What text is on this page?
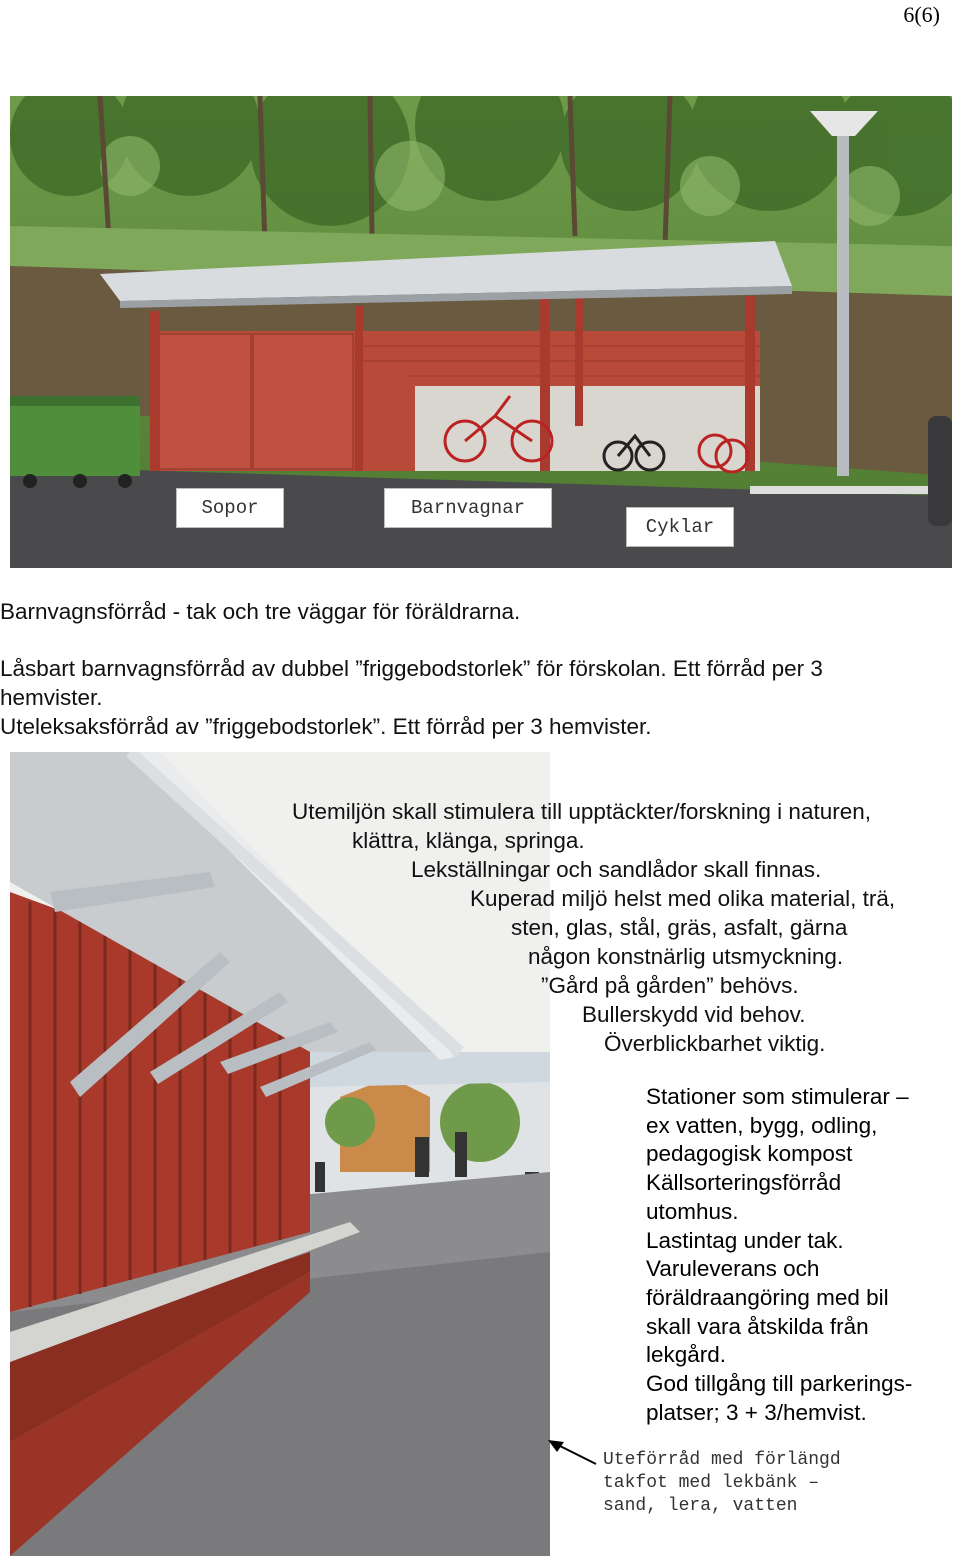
6(6)
Sopor	Barnvagnar
Cyklar
Barnvagnsförråd - tak och tre väggar för föräldrarna.
Låsbart barnvagnsförråd av dubbel ”friggebodstorlek” för förskolan. Ett förråd per 3
hemvister.
Uteleksaksförråd av ”friggebodstorlek”. Ett förråd per 3 hemvister.
Utemiljön skall stimulera till upptäckter/forskning i naturen,
klättra, klänga, springa.
Lekställningar och sandlådor skall finnas.
Kuperad miljö helst med olika material, trä,
sten, glas, stål, gräs, asfalt, gärna
någon konstnärlig utsmyckning.
”Gård på gården” behövs.
Bullerskydd vid behov.
Överblickbarhet viktig.
Stationer som stimulerar –
ex vatten, bygg, odling,
pedagogisk kompost
Källsorteringsförråd
utomhus.
Lastintag under tak.
Varuleverans och
föräldraangöring med bil
skall vara åtskilda från
lekgård.
God tillgång till parkerings-
platser; 3 + 3/hemvist.
Uteförråd med förlängd
takfot med lekbänk –
sand, lera, vatten
